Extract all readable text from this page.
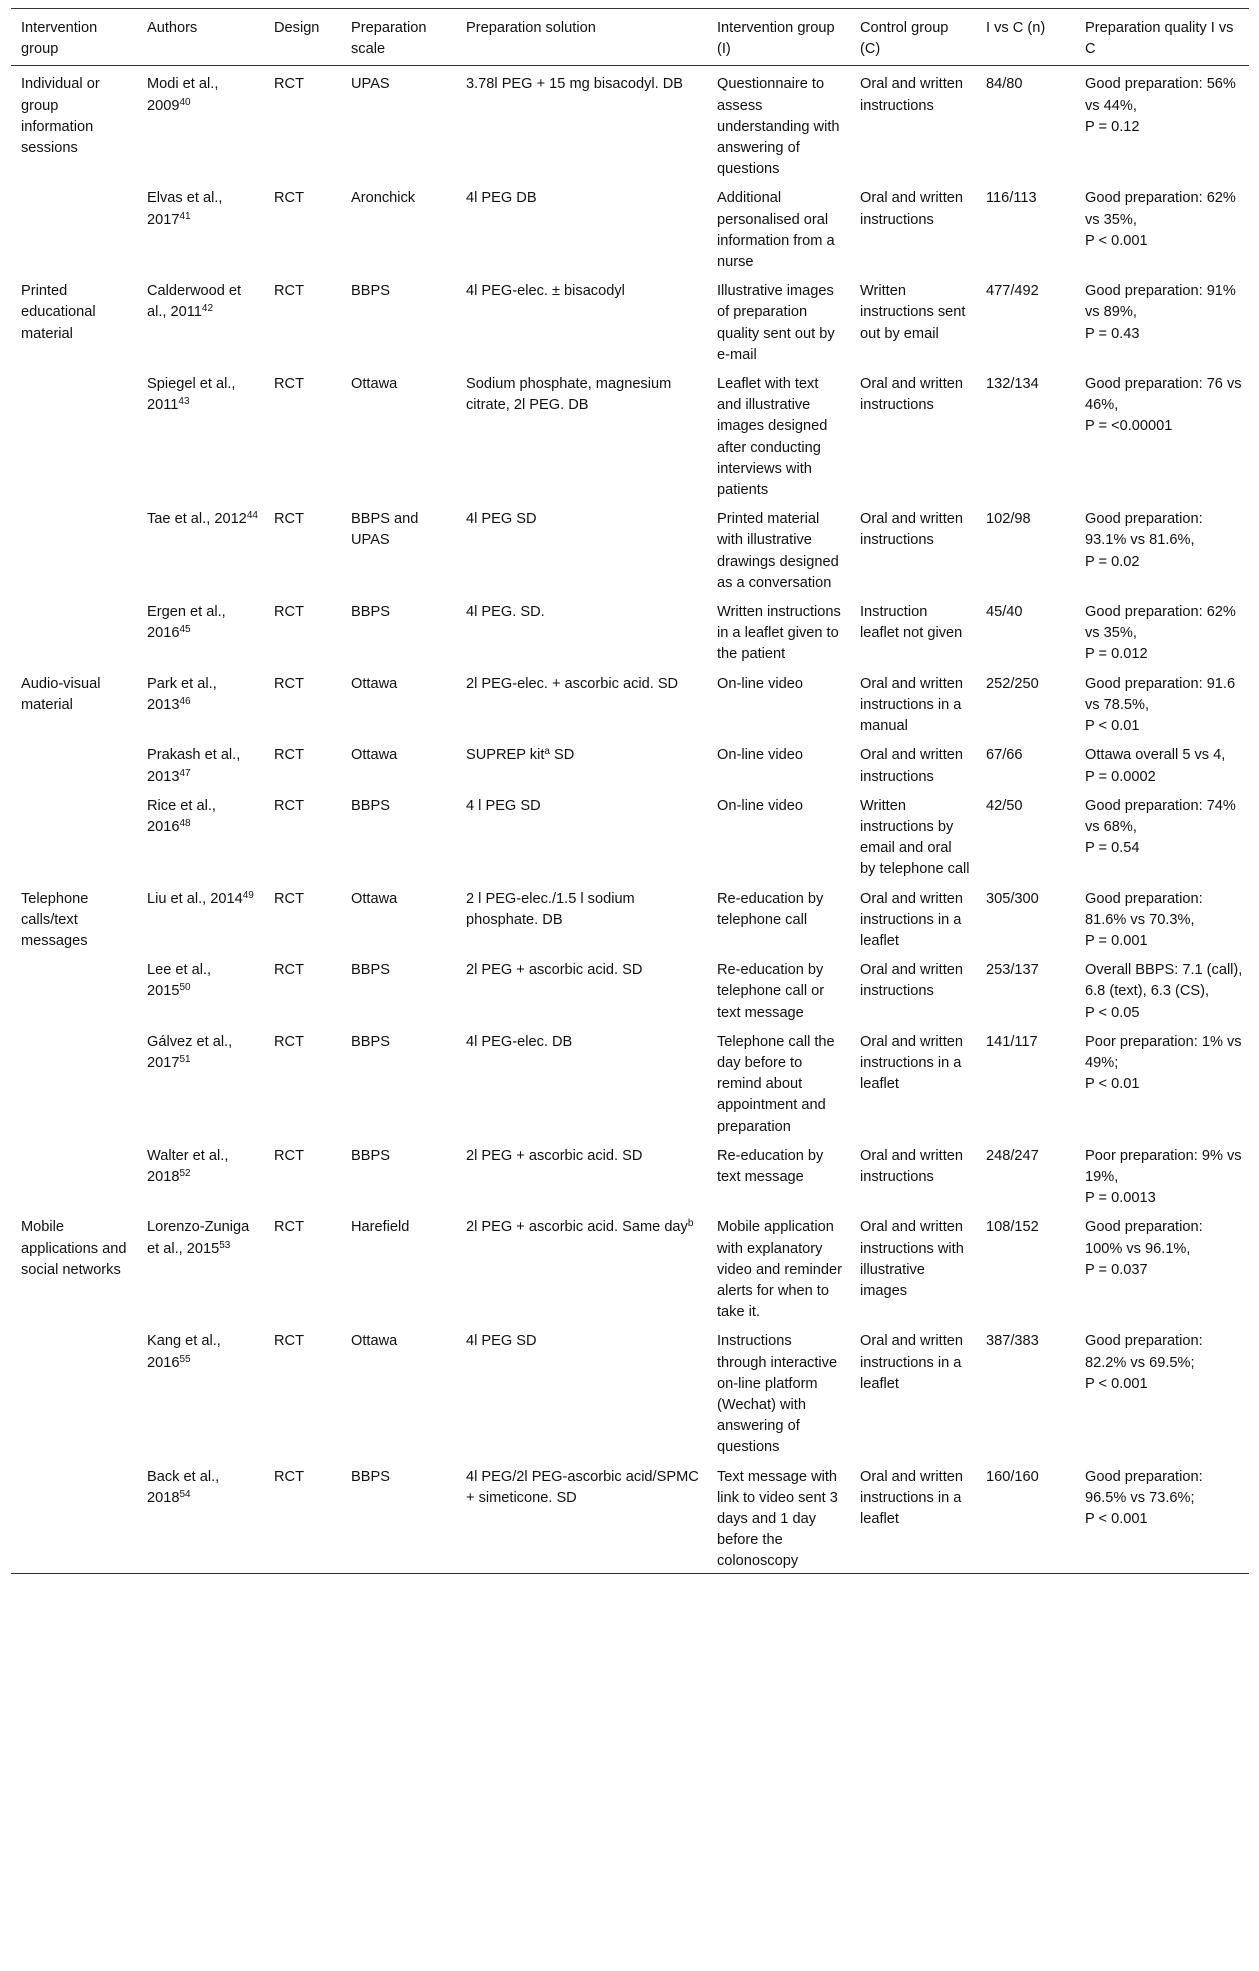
Intervention group	Authors	Design	Preparation scale	Preparation solution	Intervention group (I)	Control group (C)	I vs C (n)	Preparation quality I vs C
Individual or group information sessions	Modi et al., 2009$^{40}$	RCT	UPAS	3.78l PEG + 15 mg bisacodyl. DB	Questionnaire to assess understanding with answering of questions	Oral and written instructions	84/80	Good preparation: 56% vs 44%,
P = 0.12

	Elvas et al., 2017$^{41}$	RCT	Aronchick	4l PEG DB	Additional personalised oral information from a nurse	Oral and written instructions	116/113	Good preparation: 62% vs 35%,
P < 0.001

Printed educational material	Calderwood et al., 2011$^{42}$	RCT	BBPS	4l PEG-elec. ± bisacodyl	Illustrative images of preparation quality sent out by e-mail	Written instructions sent out by email	477/492	Good preparation: 91% vs 89%,
P = 0.43

	Spiegel et al., 2011$^{43}$	RCT	Ottawa	Sodium phosphate, magnesium citrate, 2l PEG. DB	Leaflet with text and illustrative images designed after conducting interviews with patients	Oral and written instructions	132/134	Good preparation: 76 vs 46%,
P = <0.00001

	Tae et al., 2012$^{44}$	RCT	BBPS and UPAS	4l PEG SD	Printed material with illustrative drawings designed as a conversation	Oral and written instructions	102/98	Good preparation: 93.1% vs 81.6%,
P = 0.02

	Ergen et al., 2016$^{45}$	RCT	BBPS	4l PEG. SD.	Written instructions in a leaflet given to the patient	Instruction leaflet not given	45/40	Good preparation: 62% vs 35%,
P = 0.012

Audio-visual material	Park et al., 2013$^{46}$	RCT	Ottawa	2l PEG-elec. + ascorbic acid. SD	On-line video	Oral and written instructions in a manual	252/250	Good preparation: 91.6 vs 78.5%,
P < 0.01

	Prakash et al., 2013$^{47}$	RCT	Ottawa	SUPREP kit$^a$ SD	On-line video	Oral and written instructions	67/66	Ottawa overall 5 vs 4,
P = 0.0002

	Rice et al., 2016$^{48}$	RCT	BBPS	4 l PEG SD	On-line video	Written instructions by email and oral by telephone call	42/50	Good preparation: 74% vs 68%,
P = 0.54

Telephone calls/text messages	Liu et al., 2014$^{49}$	RCT	Ottawa	2 l PEG-elec./1.5 l sodium phosphate. DB	Re-education by telephone call	Oral and written instructions in a leaflet	305/300	Good preparation: 81.6% vs 70.3%,
P = 0.001

	Lee et al., 2015$^{50}$	RCT	BBPS	2l PEG + ascorbic acid. SD	Re-education by telephone call or text message	Oral and written instructions	253/137	Overall BBPS: 7.1 (call), 6.8 (text), 6.3 (CS),
P < 0.05

	Gálvez et al., 2017$^{51}$	RCT	BBPS	4l PEG-elec. DB	Telephone call the day before to remind about appointment and preparation	Oral and written instructions in a leaflet	141/117	Poor preparation: 1% vs 49%;
P < 0.01

	Walter et al., 2018$^{52}$	RCT	BBPS	2l PEG + ascorbic acid. SD	Re-education by text message	Oral and written instructions	248/247	Poor preparation: 9% vs 19%,
P = 0.0013

Mobile applications and social networks	Lorenzo-Zuniga et al., 2015$^{53}$	RCT	Harefield	2l PEG + ascorbic acid. Same day$^b$	Mobile application with explanatory video and reminder alerts for when to take it.	Oral and written instructions with illustrative images	108/152	Good preparation: 100% vs 96.1%,
P = 0.037

	Kang et al., 2016$^{55}$	RCT	Ottawa	4l PEG SD	Instructions through interactive on-line platform (Wechat) with answering of questions	Oral and written instructions in a leaflet	387/383	Good preparation: 82.2% vs 69.5%;
P < 0.001

	Back et al., 2018$^{54}$	RCT	BBPS	4l PEG/2l PEG-ascorbic acid/SPMC + simeticone. SD	Text message with link to video sent 3 days and 1 day before the colonoscopy	Oral and written instructions in a leaflet	160/160	Good preparation: 96.5% vs 73.6%;
P < 0.001
